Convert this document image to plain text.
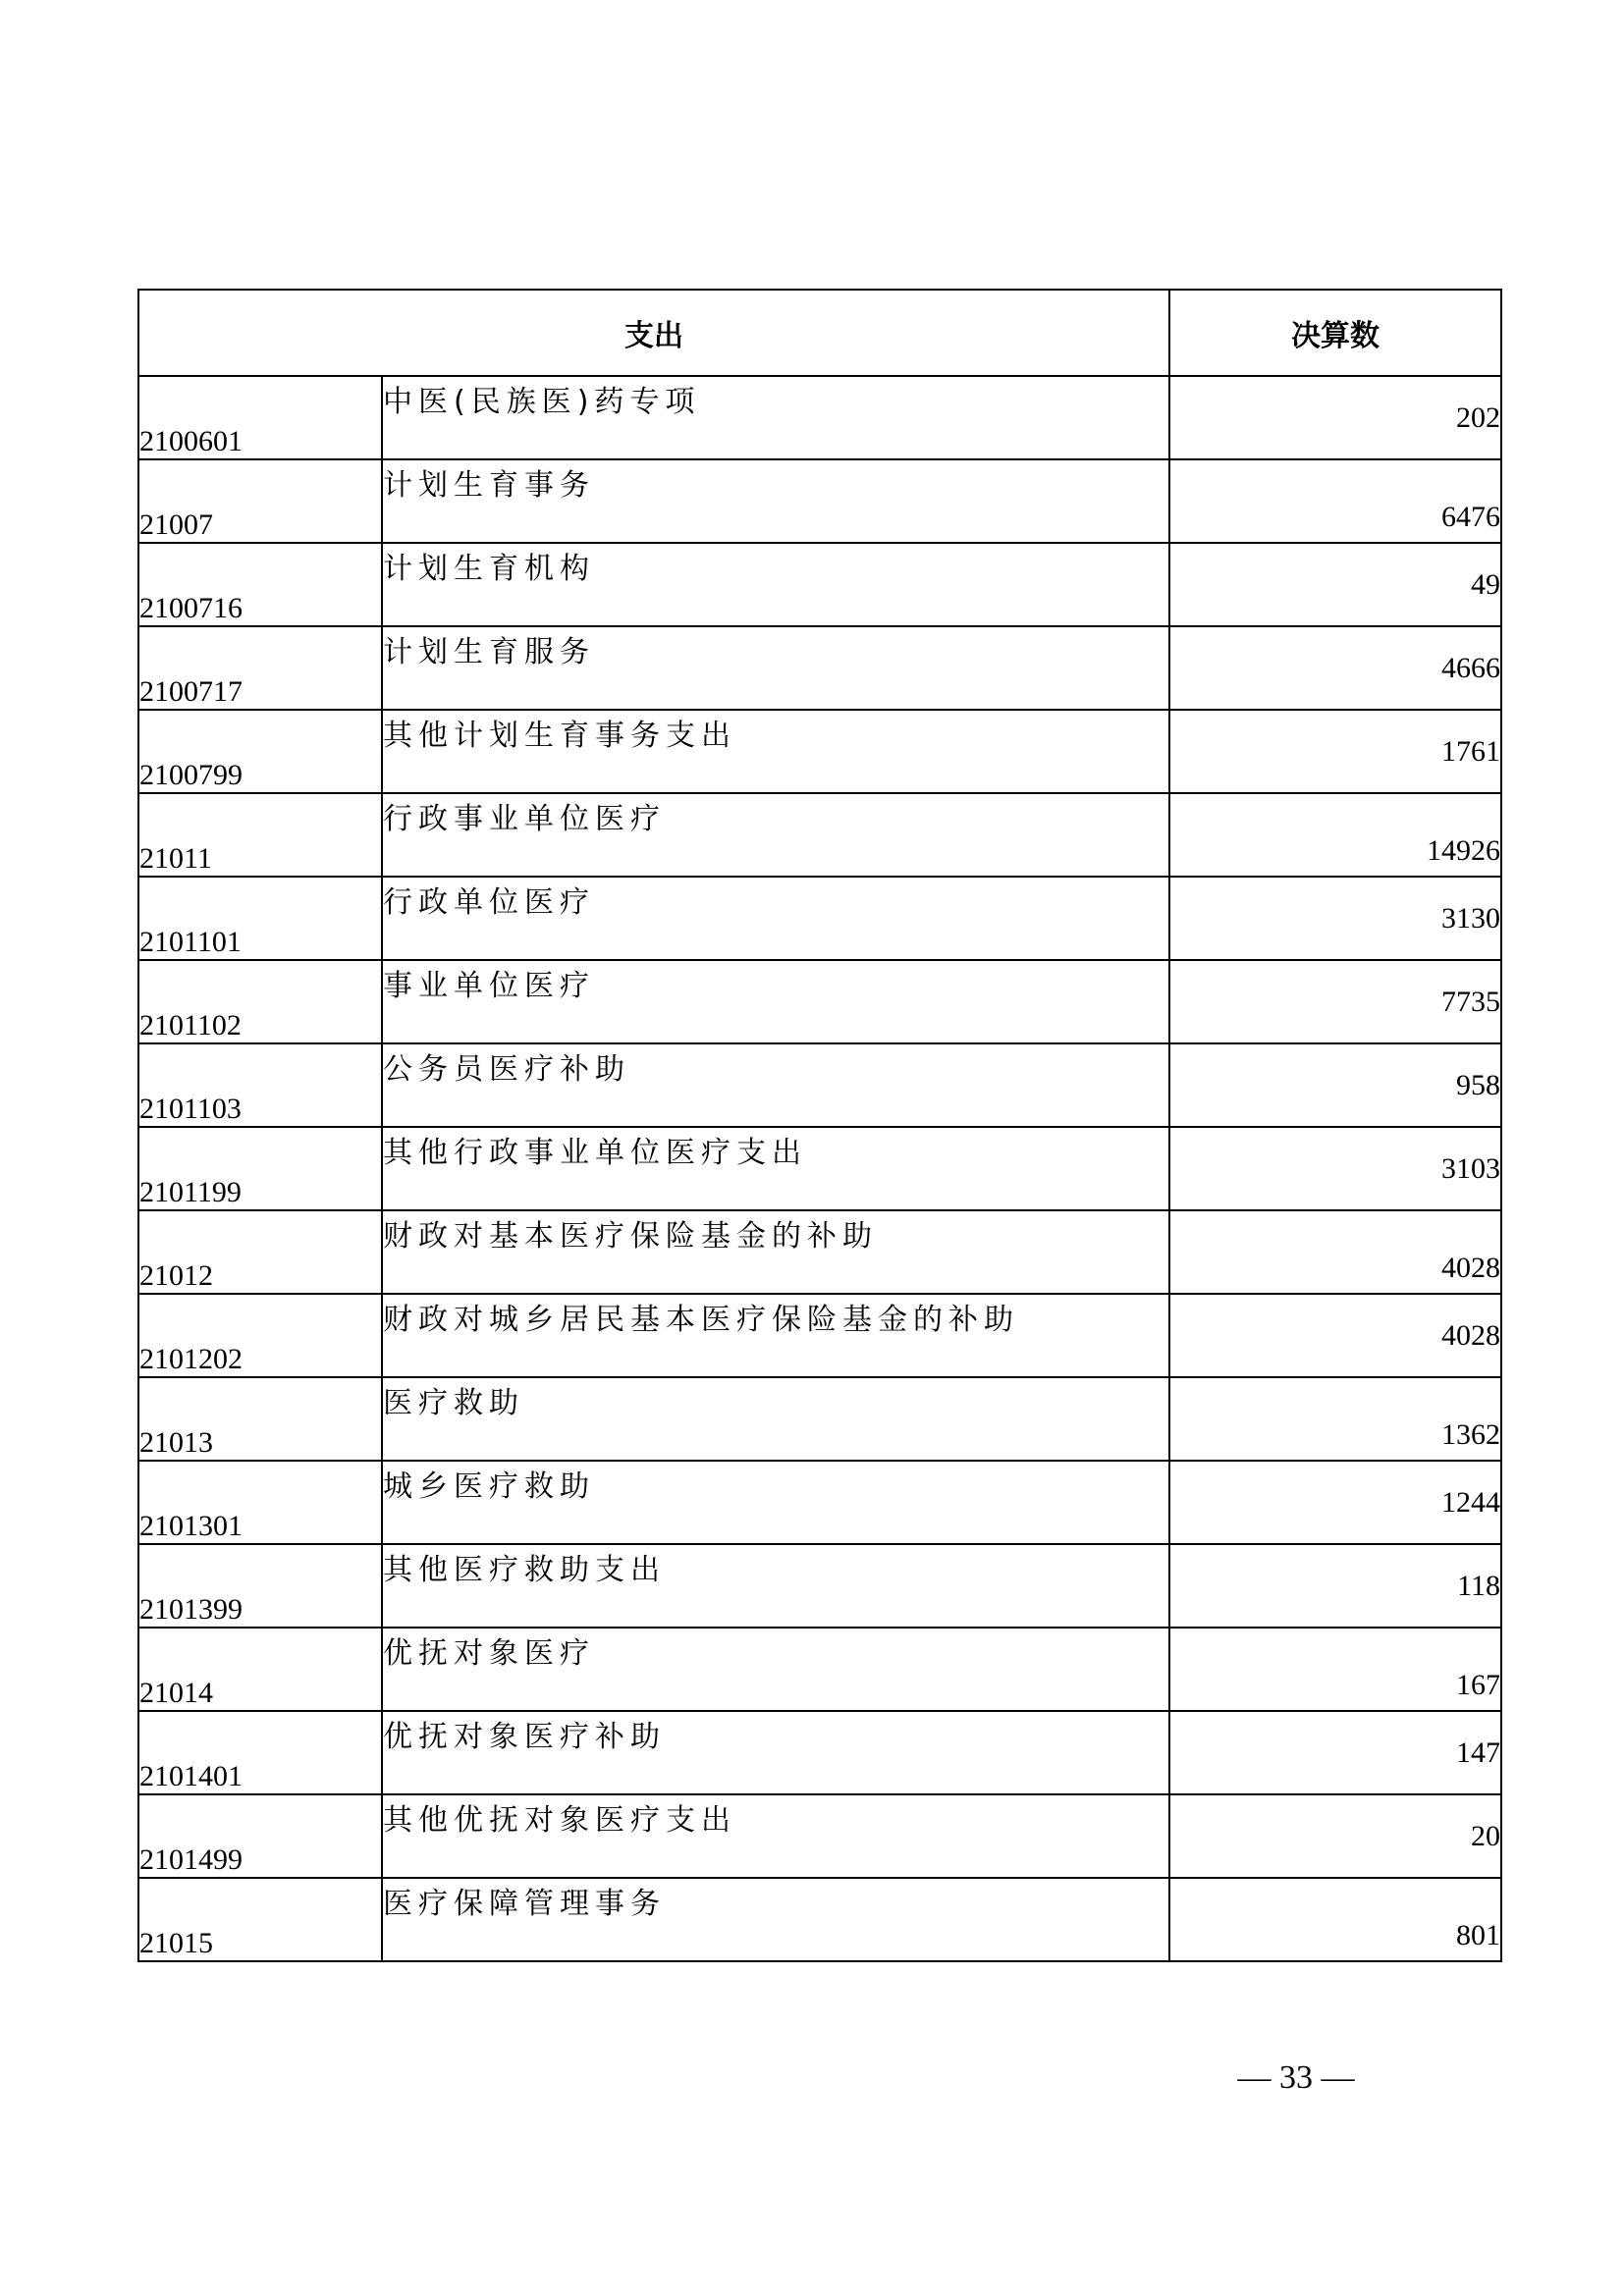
支出		决算数
2100601	中医(民族医)药专项	202
21007	计划生育事务	6476
2100716	计划生育机构	49
2100717	计划生育服务	4666
2100799	其他计划生育事务支出	1761
21011	行政事业单位医疗	14926
2101101	行政单位医疗	3130
2101102	事业单位医疗	7735
2101103	公务员医疗补助	958
2101199	其他行政事业单位医疗支出	3103
21012	财政对基本医疗保险基金的补助	4028
2101202	财政对城乡居民基本医疗保险基金的补助	4028
21013	医疗救助	1362
2101301	城乡医疗救助	1244
2101399	其他医疗救助支出	118
21014	优抚对象医疗	167
2101401	优抚对象医疗补助	147
2101499	其他优抚对象医疗支出	20
21015	医疗保障管理事务	801
— 33 —
